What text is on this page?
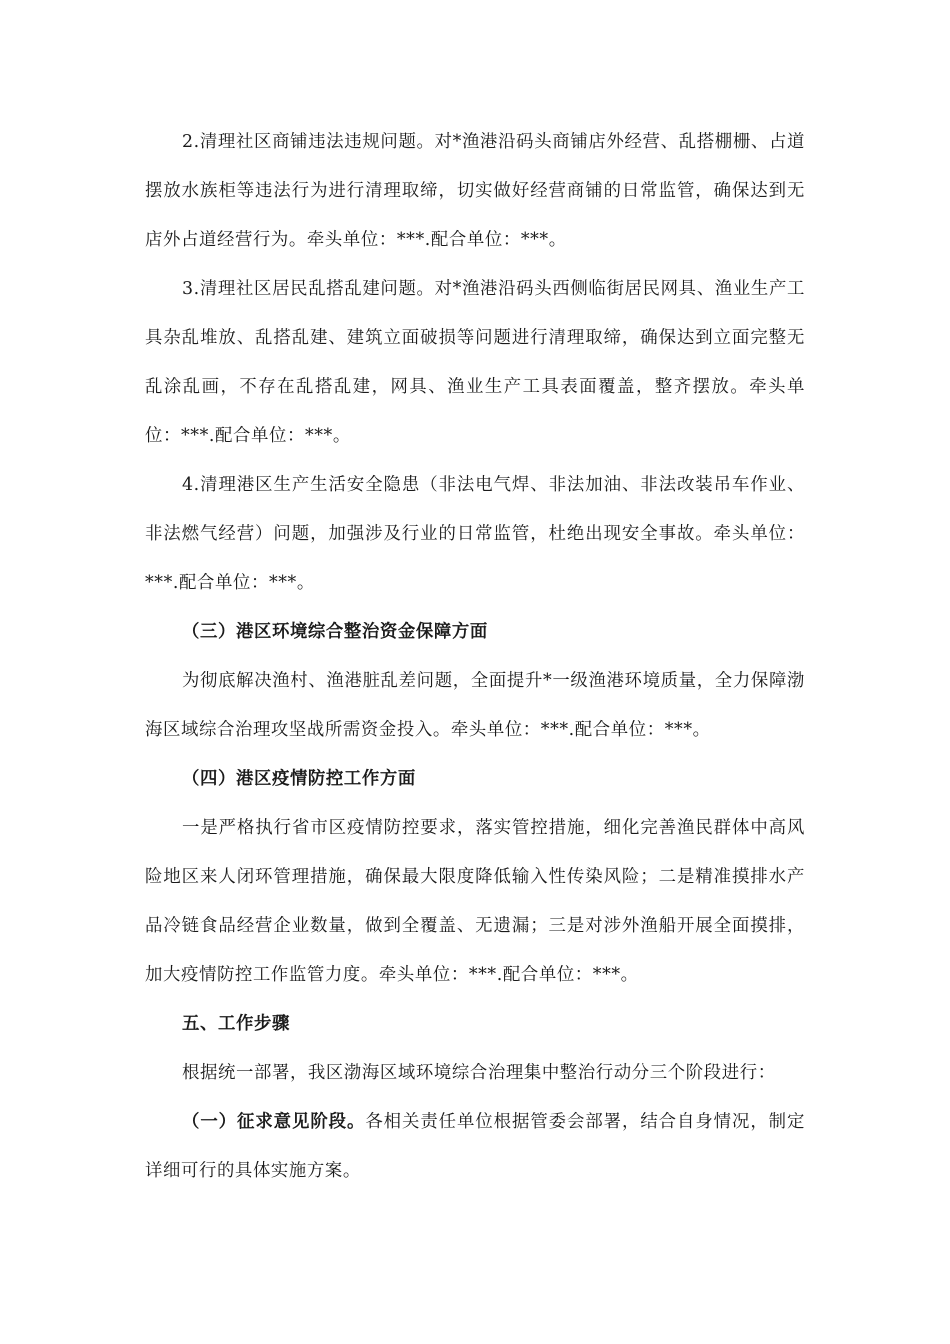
2.清理社区商铺违法违规问题。对*渔港沿码头商铺店外经营、乱搭棚栅、占道摆放水族柜等违法行为进行清理取缔，切实做好经营商铺的日常监管，确保达到无店外占道经营行为。牵头单位：***.配合单位：***。

3.清理社区居民乱搭乱建问题。对*渔港沿码头西侧临街居民网具、渔业生产工具杂乱堆放、乱搭乱建、建筑立面破损等问题进行清理取缔，确保达到立面完整无乱涂乱画，不存在乱搭乱建，网具、渔业生产工具表面覆盖，整齐摆放。牵头单位：***.配合单位：***。

4.清理港区生产生活安全隐患（非法电气焊、非法加油、非法改装吊车作业、非法燃气经营）问题，加强涉及行业的日常监管，杜绝出现安全事故。牵头单位：***.配合单位：***。

（三）港区环境综合整治资金保障方面

为彻底解决渔村、渔港脏乱差问题，全面提升*一级渔港环境质量，全力保障渤海区域综合治理攻坚战所需资金投入。牵头单位：***.配合单位：***。

（四）港区疫情防控工作方面

一是严格执行省市区疫情防控要求，落实管控措施，细化完善渔民群体中高风险地区来人闭环管理措施，确保最大限度降低输入性传染风险；二是精准摸排水产品冷链食品经营企业数量，做到全覆盖、无遗漏；三是对涉外渔船开展全面摸排，加大疫情防控工作监管力度。牵头单位：***.配合单位：***。

五、工作步骤

根据统一部署，我区渤海区域环境综合治理集中整治行动分三个阶段进行：

（一）征求意见阶段。各相关责任单位根据管委会部署，结合自身情况，制定详细可行的具体实施方案。
